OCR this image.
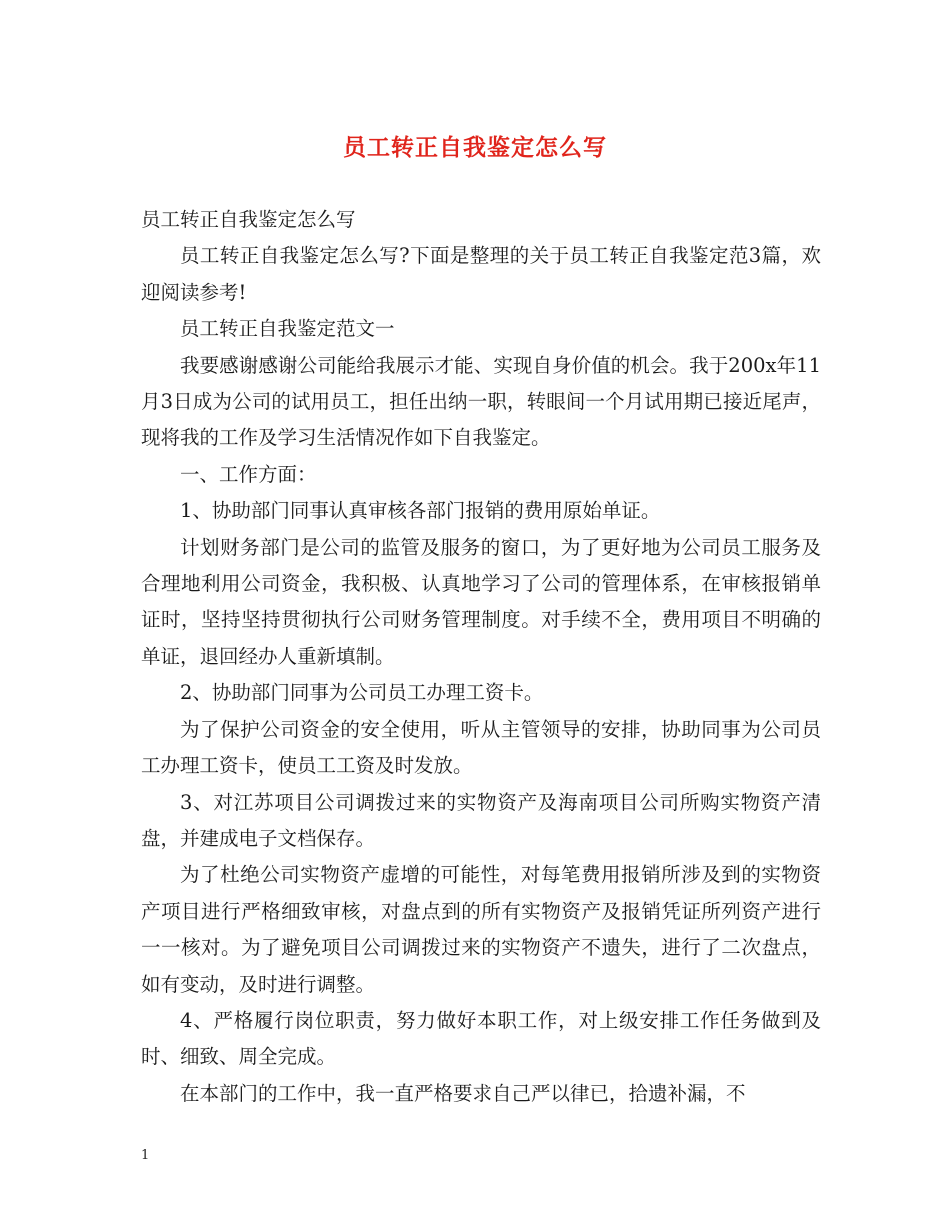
员工转正自我鉴定怎么写

员工转正自我鉴定怎么写

员工转正自我鉴定怎么写?下面是整理的关于员工转正自我鉴定范3篇，欢迎阅读参考!

员工转正自我鉴定范文一

我要感谢感谢公司能给我展示才能、实现自身价值的机会。我于200x年11月3日成为公司的试用员工，担任出纳一职，转眼间一个月试用期已接近尾声，现将我的工作及学习生活情况作如下自我鉴定。

一、工作方面：

1、协助部门同事认真审核各部门报销的费用原始单证。

计划财务部门是公司的监管及服务的窗口，为了更好地为公司员工服务及合理地利用公司资金，我积极、认真地学习了公司的管理体系，在审核报销单证时，坚持坚持贯彻执行公司财务管理制度。对手续不全，费用项目不明确的单证，退回经办人重新填制。

2、协助部门同事为公司员工办理工资卡。

为了保护公司资金的安全使用，听从主管领导的安排，协助同事为公司员工办理工资卡，使员工工资及时发放。

3、对江苏项目公司调拨过来的实物资产及海南项目公司所购实物资产清盘，并建成电子文档保存。

为了杜绝公司实物资产虚增的可能性，对每笔费用报销所涉及到的实物资产项目进行严格细致审核，对盘点到的所有实物资产及报销凭证所列资产进行一一核对。为了避免项目公司调拨过来的实物资产不遗失，进行了二次盘点，如有变动，及时进行调整。

4、严格履行岗位职责，努力做好本职工作，对上级安排工作任务做到及时、细致、周全完成。

在本部门的工作中，我一直严格要求自己严以律已，拾遗补漏，不

1
